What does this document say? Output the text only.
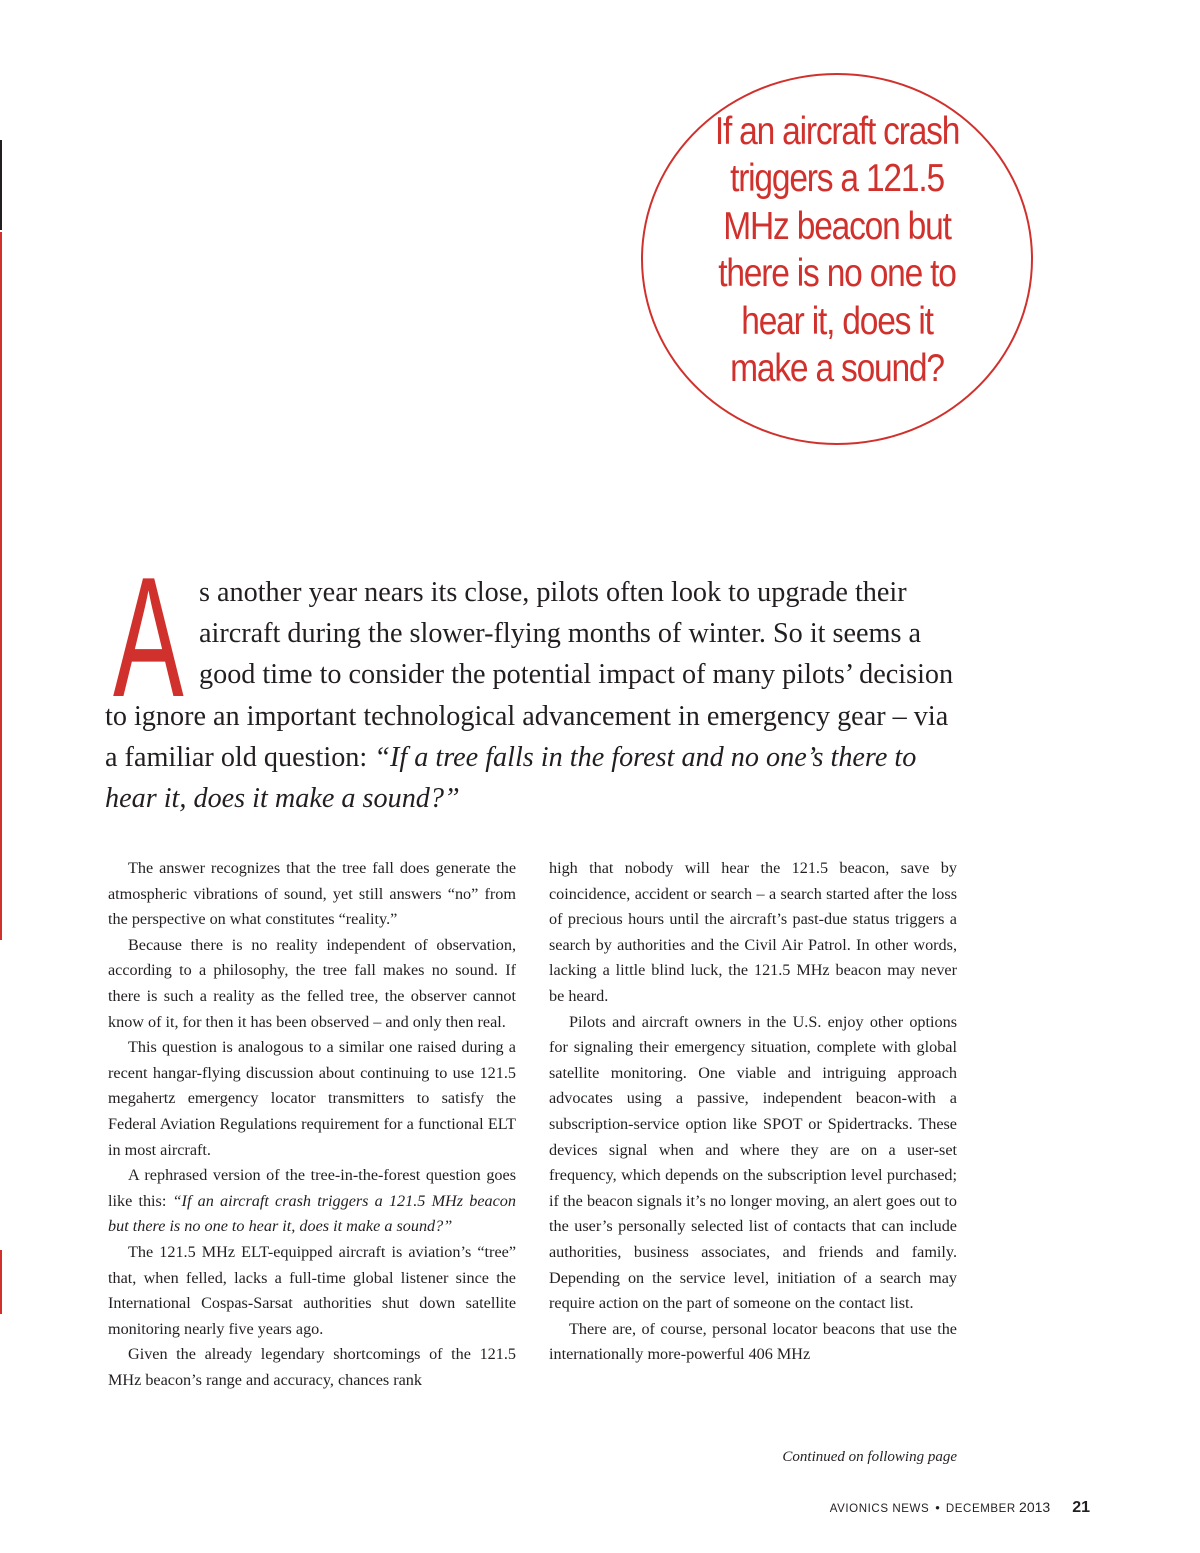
If an aircraft crash triggers a 121.5 MHz beacon but there is no one to hear it, does it make a sound?

As another year nears its close, pilots often look to upgrade their aircraft during the slower-flying months of winter. So it seems a good time to consider the potential impact of many pilots’ decision to ignore an important technological advancement in emergency gear – via a familiar old question: “If a tree falls in the forest and no one’s there to hear it, does it make a sound?”

The answer recognizes that the tree fall does generate the atmospheric vibrations of sound, yet still answers “no” from the perspective on what constitutes “reality.”

Because there is no reality independent of observation, according to a philosophy, the tree fall makes no sound. If there is such a reality as the felled tree, the observer cannot know of it, for then it has been observed – and only then real.

This question is analogous to a similar one raised during a recent hangar-flying discussion about continuing to use 121.5 megahertz emergency locator transmitters to satisfy the Federal Aviation Regulations requirement for a functional ELT in most aircraft.

A rephrased version of the tree-in-the-forest question goes like this: “If an aircraft crash triggers a 121.5 MHz beacon but there is no one to hear it, does it make a sound?”

The 121.5 MHz ELT-equipped aircraft is aviation’s “tree” that, when felled, lacks a full-time global listener since the International Cospas-Sarsat authorities shut down satellite monitoring nearly five years ago.

Given the already legendary shortcomings of the 121.5 MHz beacon’s range and accuracy, chances rank

high that nobody will hear the 121.5 beacon, save by coincidence, accident or search – a search started after the loss of precious hours until the aircraft’s past-due status triggers a search by authorities and the Civil Air Patrol. In other words, lacking a little blind luck, the 121.5 MHz beacon may never be heard.

Pilots and aircraft owners in the U.S. enjoy other options for signaling their emergency situation, complete with global satellite monitoring. One viable and intriguing approach advocates using a passive, independent beacon-with a subscription-service option like SPOT or Spidertracks. These devices signal when and where they are on a user-set frequency, which depends on the subscription level purchased; if the beacon signals it’s no longer moving, an alert goes out to the user’s personally selected list of contacts that can include authorities, business associates, and friends and family. Depending on the service level, initiation of a search may require action on the part of someone on the contact list.

There are, of course, personal locator beacons that use the internationally more-powerful 406 MHz

Continued on following page
AVIONICS NEWS • DECEMBER 2013 21
